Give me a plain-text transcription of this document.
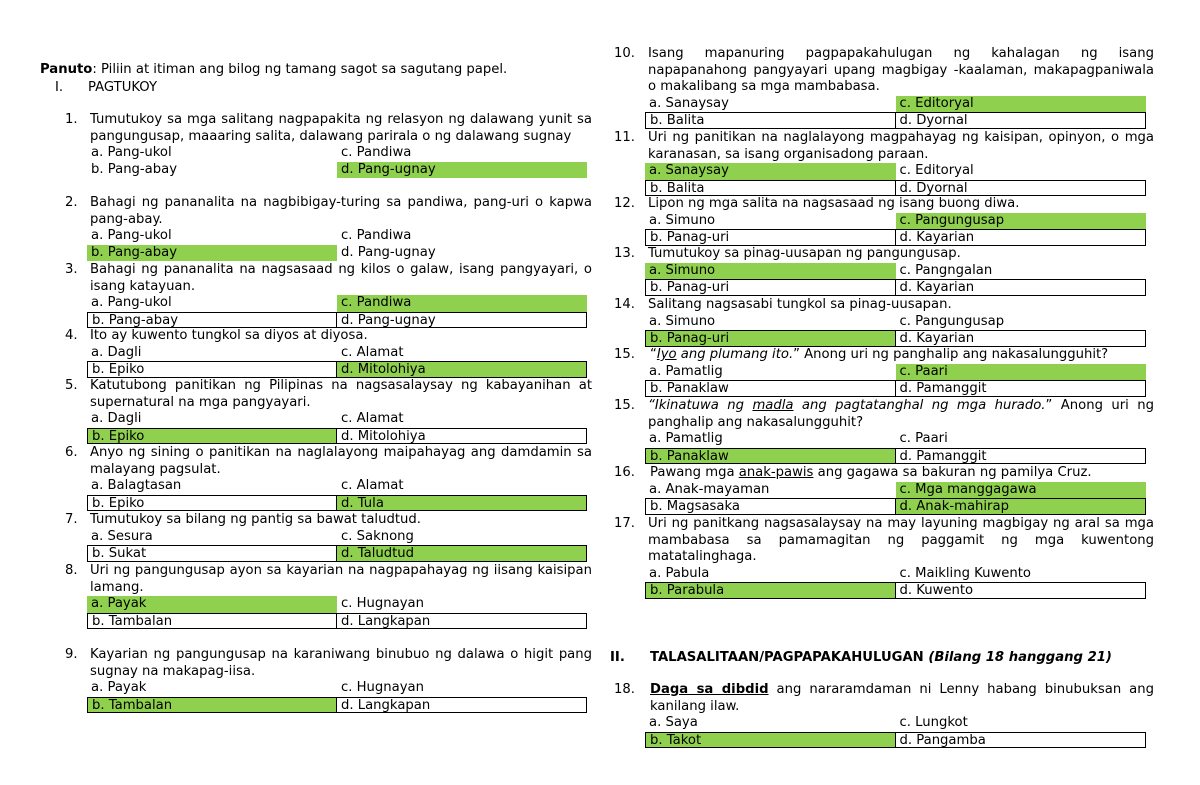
Panuto: Piliin at itiman ang bilog ng tamang sagot sa sagutang papel.
I.	PAGTUKOY
1. Tumutukoy sa mga salitang nagpapakita ng relasyon ng dalawang yunit sa pangungusap, maaaring salita, dalawang parirala o ng dalawang sugnay
a. Pang-ukol	c. Pandiwa
b. Pang-abay	d. Pang-ugnay
2. Bahagi ng pananalita na nagbibigay-turing sa pandiwa, pang-uri o kapwa pang-abay.
a. Pang-ukol	c. Pandiwa
b. Pang-abay	d. Pang-ugnay
3. Bahagi ng pananalita na nagsasaad ng kilos o galaw, isang pangyayari, o isang katayuan.
a. Pang-ukol	c. Pandiwa
b. Pang-abay	d. Pang-ugnay
4. Ito ay kuwento tungkol sa diyos at diyosa.
a. Dagli	c. Alamat
b. Epiko	d. Mitolohiya
5. Katutubong panitikan ng Pilipinas na nagsasalaysay ng kabayanihan at supernatural na mga pangyayari.
a. Dagli	c. Alamat
b. Epiko	d. Mitolohiya
6. Anyo ng sining o panitikan na naglalayong maipahayag ang damdamin sa malayang pagsulat.
a. Balagtasan	c. Alamat
b. Epiko	d. Tula
7. Tumutukoy sa bilang ng pantig sa bawat taludtud.
a. Sesura	c. Saknong
b. Sukat	d. Taludtud
8. Uri ng pangungusap ayon sa kayarian na nagpapahayag ng iisang kaisipan lamang.
a. Payak	c. Hugnayan
b. Tambalan	d. Langkapan
9. Kayarian ng pangungusap na karaniwang binubuo ng dalawa o higit pang sugnay na makapag-iisa.
a. Payak	c. Hugnayan
b. Tambalan	d. Langkapan
10. Isang mapanuring pagpapakahulugan ng kahalagan ng isang napapanahong pangyayari upang magbigay -kaalaman, makapagpaniwala o makalibang sa mga mambabasa.
a. Sanaysay	c. Editoryal
b. Balita	d. Dyornal
11. Uri ng panitikan na naglalayong magpahayag ng kaisipan, opinyon, o mga karanasan, sa isang organisadong paraan.
a. Sanaysay	c. Editoryal
b. Balita	d. Dyornal
12. Lipon ng mga salita na nagsasaad ng isang buong diwa.
a. Simuno	c. Pangungusap
b. Panag-uri	d. Kayarian
13. Tumutukoy sa pinag-uusapan ng pangungusap.
a. Simuno	c. Pangngalan
b. Panag-uri	d. Kayarian
14. Salitang nagsasabi tungkol sa pinag-uusapan.
a. Simuno	c. Pangungusap
b. Panag-uri	d. Kayarian
15.	“Iyo ang plumang ito.” Anong uri ng panghalip ang nakasalungguhit?
a. Pamatlig	c. Paari
b. Panaklaw	d. Pamanggit
15. “Ikinatuwa ng madla ang pagtatanghal ng mga hurado.” Anong uri ng panghalip ang nakasalungguhit?
a. Pamatlig	c. Paari
b. Panaklaw	d. Pamanggit
16.	Pawang mga anak-pawis ang gagawa sa bakuran ng pamilya Cruz.
a. Anak-mayaman	c. Mga manggagawa
b. Magsasaka	d. Anak-mahirap
17. Uri ng panitkang nagsasalaysay na may layuning magbigay ng aral sa mga mambabasa sa pamamagitan ng paggamit ng mga kuwentong matatalinghaga.
a. Pabula	c. Maikling Kuwento
b. Parabula	d. Kuwento
18.	Daga sa dibdid ang nararamdaman ni Lenny habang binubuksan ang kanilang ilaw.
a. Saya	c. Lungkot
b. Takot	d. Pangamba
II.	TALASALITAAN/PAGPAPAKAHULUGAN (Bilang 18 hanggang 21)
